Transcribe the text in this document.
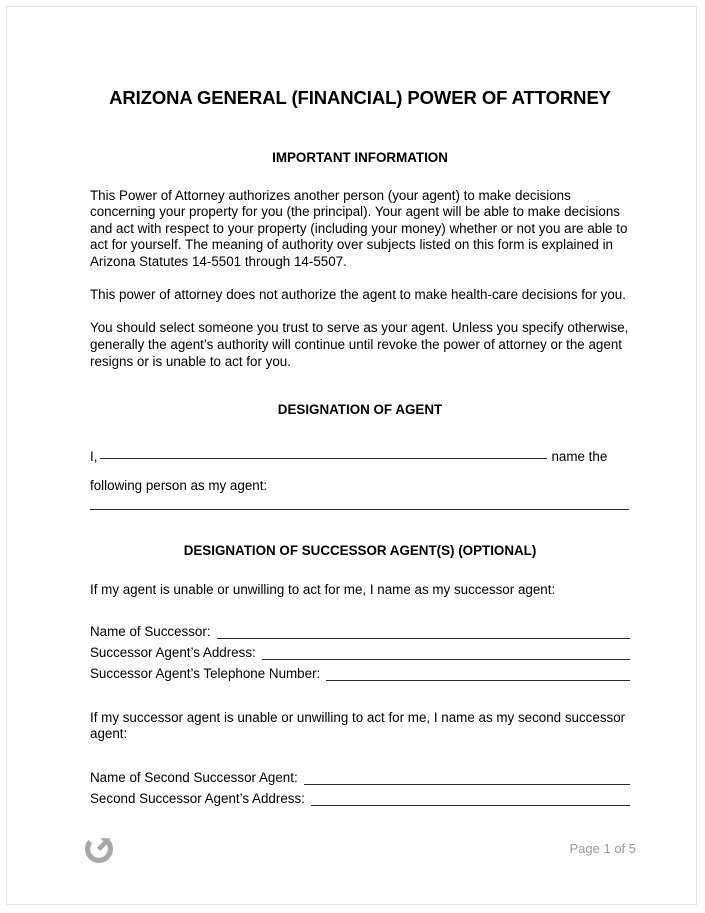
ARIZONA GENERAL (FINANCIAL) POWER OF ATTORNEY
IMPORTANT INFORMATION

This Power of Attorney authorizes another person (your agent) to make decisions concerning your property for you (the principal). Your agent will be able to make decisions and act with respect to your property (including your money) whether or not you are able to act for yourself. The meaning of authority over subjects listed on this form is explained in Arizona Statutes 14-5501 through 14-5507.

This power of attorney does not authorize the agent to make health-care decisions for you.

You should select someone you trust to serve as your agent. Unless you specify otherwise, generally the agent’s authority will continue until revoke the power of attorney or the agent resigns or is unable to act for you.

DESIGNATION OF AGENT
I,	name the
following person as my agent:
DESIGNATION OF SUCCESSOR AGENT(S) (OPTIONAL)

If my agent is unable or unwilling to act for me, I name as my successor agent:

Name of Successor:
Successor Agent’s Address:
Successor Agent’s Telephone Number:

If my successor agent is unable or unwilling to act for me, I name as my second successor agent:

Name of Second Successor Agent:
Second Successor Agent’s Address:
Page 1 of 5
